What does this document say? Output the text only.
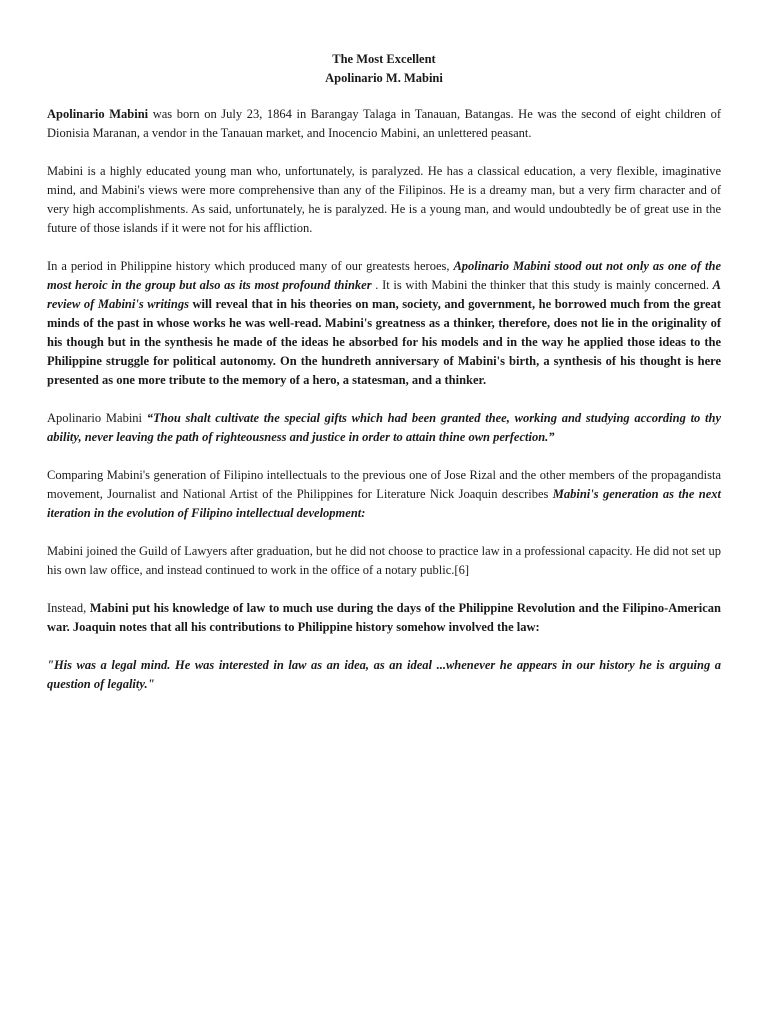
The Most Excellent
Apolinario M. Mabini

Apolinario Mabini was born on July 23, 1864 in Barangay Talaga in Tanauan, Batangas. He was the second of eight children of Dionisia Maranan, a vendor in the Tanauan market, and Inocencio Mabini, an unlettered peasant.

Mabini is a highly educated young man who, unfortunately, is paralyzed. He has a classical education, a very flexible, imaginative mind, and Mabini's views were more comprehensive than any of the Filipinos. He is a dreamy man, but a very firm character and of very high accomplishments. As said, unfortunately, he is paralyzed. He is a young man, and would undoubtedly be of great use in the future of those islands if it were not for his affliction.

In a period in Philippine history which produced many of our greatests heroes, Apolinario Mabini stood out not only as one of the most heroic in the group but also as its most profound thinker . It is with Mabini the thinker that this study is mainly concerned. A review of Mabini's writings will reveal that in his theories on man, society, and government, he borrowed much from the great minds of the past in whose works he was well-read. Mabini's greatness as a thinker, therefore, does not lie in the originality of his though but in the synthesis he made of the ideas he absorbed for his models and in the way he applied those ideas to the Philippine struggle for political autonomy. On the hundreth anniversary of Mabini's birth, a synthesis of his thought is here presented as one more tribute to the memory of a hero, a statesman, and a thinker.

Apolinario Mabini “Thou shalt cultivate the special gifts which had been granted thee, working and studying according to thy ability, never leaving the path of righteousness and justice in order to attain thine own perfection.”

Comparing Mabini's generation of Filipino intellectuals to the previous one of Jose Rizal and the other members of the propagandista movement, Journalist and National Artist of the Philippines for Literature Nick Joaquin describes Mabini's generation as the next iteration in the evolution of Filipino intellectual development:

Mabini joined the Guild of Lawyers after graduation, but he did not choose to practice law in a professional capacity. He did not set up his own law office, and instead continued to work in the office of a notary public.[6]

Instead, Mabini put his knowledge of law to much use during the days of the Philippine Revolution and the Filipino-American war. Joaquin notes that all his contributions to Philippine history somehow involved the law:

"His was a legal mind. He was interested in law as an idea, as an ideal ...whenever he appears in our history he is arguing a question of legality."
